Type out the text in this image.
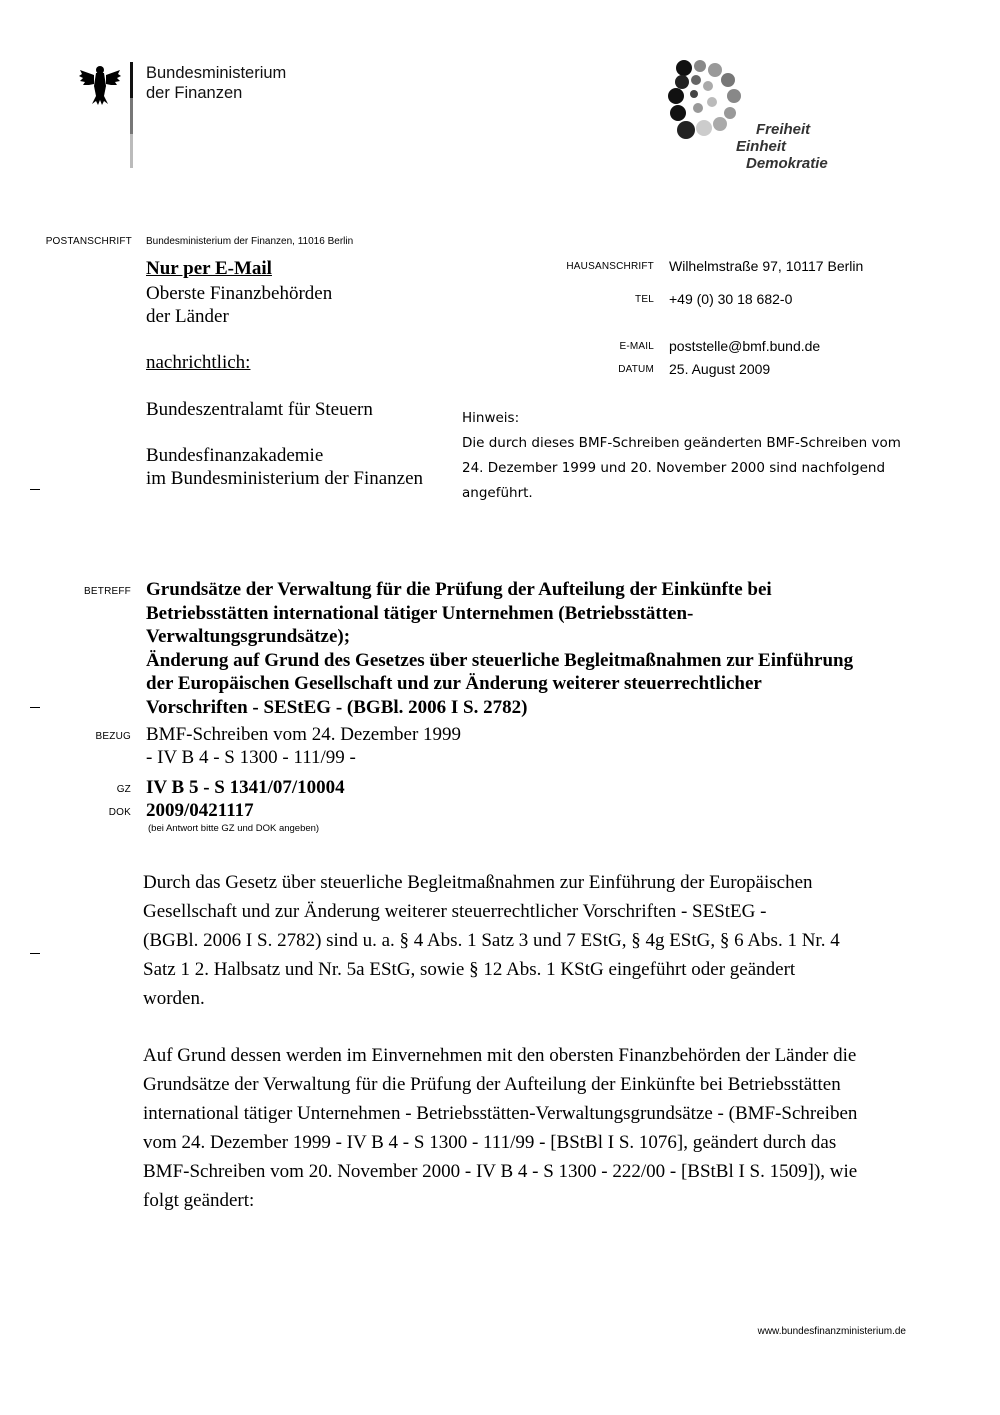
Bundesministerium
der Finanzen
Freiheit
Einheit
Demokratie
POSTANSCHRIFT Bundesministerium der Finanzen, 11016 Berlin
Nur per E-Mail
Oberste Finanzbehörden
der Länder
nachrichtlich:
Bundeszentralamt für Steuern
Bundesfinanzakademie
im Bundesministerium der Finanzen
HAUSANSCHRIFT Wilhelmstraße 97, 10117 Berlin
TEL +49 (0) 30 18 682-0
E-MAIL poststelle@bmf.bund.de
DATUM 25. August 2009
Hinweis:
Die durch dieses BMF-Schreiben geänderten BMF-Schreiben vom
24. Dezember 1999 und 20. November 2000 sind nachfolgend
angeführt.
BETREFF Grundsätze der Verwaltung für die Prüfung der Aufteilung der Einkünfte bei
Betriebsstätten international tätiger Unternehmen (Betriebsstätten-
Verwaltungsgrundsätze);
Änderung auf Grund des Gesetzes über steuerliche Begleitmaßnahmen zur Einführung
der Europäischen Gesellschaft und zur Änderung weiterer steuerrechtlicher
Vorschriften - SEStEG - (BGBl. 2006 I S. 2782)
BEZUG BMF-Schreiben vom 24. Dezember 1999
- IV B 4 - S 1300 - 111/99 -
GZ IV B 5 - S 1341/07/10004
DOK 2009/0421117
(bei Antwort bitte GZ und DOK angeben)
Durch das Gesetz über steuerliche Begleitmaßnahmen zur Einführung der Europäischen
Gesellschaft und zur Änderung weiterer steuerrechtlicher Vorschriften - SEStEG -
(BGBl. 2006 I S. 2782) sind u. a. § 4 Abs. 1 Satz 3 und 7 EStG, § 4g EStG, § 6 Abs. 1 Nr. 4
Satz 1 2. Halbsatz und Nr. 5a EStG, sowie § 12 Abs. 1 KStG eingeführt oder geändert
worden.
Auf Grund dessen werden im Einvernehmen mit den obersten Finanzbehörden der Länder die
Grundsätze der Verwaltung für die Prüfung der Aufteilung der Einkünfte bei Betriebsstätten
international tätiger Unternehmen - Betriebsstätten-Verwaltungsgrundsätze - (BMF-Schreiben
vom 24. Dezember 1999 - IV B 4 - S 1300 - 111/99 - [BStBl I S. 1076], geändert durch das
BMF-Schreiben vom 20. November 2000 - IV B 4 - S 1300 - 222/00 - [BStBl I S. 1509]), wie
folgt geändert:
www.bundesfinanzministerium.de
